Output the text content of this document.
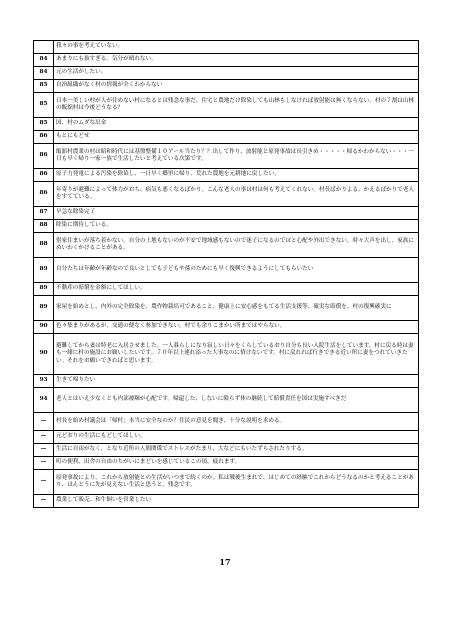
	我々の事を考えていない。
84	あまりにも抜すぎる。気分が晴れない。
84	元の生活がしたい。
85	自治組織がなく村の情報が全くわからない
85	日本一美しい村が人が住めない村になるとは残念な事だ。住宅と農地だけ除染しても山林もしなければ放射能は無くならない。村の７割は山林の飯舘村は今後どうなる？
85	国、村のムダな出金
86	もとにもどせ
86	飯舘村農業の村は昭和時代には基盤整備１０アール当たり？？出して作り、放射能と原発事故は長引きめ・・・・・帰るかわからない・・・一日も早く帰り一家一族で生活したいと考えている次第です。
86	原子力発電による汚染を除染し、一日早く郷里に帰り、荒れた農地を元耕地に戻したい。
86	年寄りが避難によって体力がおち、病気も悪くなるばかり。こんな老人の事は村は何も考えてくれない。村長ばかりよる、かえるばかりで老人をすてている。
87	早急な除染完了
88	除染に期待している。
88	借家住まいが落ち着かない。自分の土地もないのが不安で地域感もないので迷子になるのではと心配や外出できない。時々大声を出し、家族にめいわくかけることがある。
89	自分たちは年齢が年齢なので良いとしても子どもや孫のためにも早く復興できるようにしてもらいたい
89	不動産の賠償を金額にしてほしい。
89	家屋を始めとし、内外の完全除染を、農作物栽培可であること、健康上に安心感をもてる生活支援等、確実な賠償を、村の復興確実に
90	色々集まりがあるが、交通の便なく参加できない。村でも余りこまかい所まではやらない。
90	避難してから妻は特老に入居させました。一人暮らしになり寂しい日々をくらしているおり自分も長い入院生活をしています。村に戻る時は妻も一緒に村の施設にお願いしたいです。７０年以上連れ添った大事なのに情けないです。村に戻れれば行きできる近い所に妻をつれていきたい。それをお願いできればと思います。
93	生きて帰りたい
94	老人とはいえ少なくとも内部被曝が心配です。帰還した、しないに限らず体の継続して賠償責任を国は実施すべきだ
—	村長を始め村議会は「帰村」本当に安全なのか？住民の意見を聞き、十分な説明を求める。
—	元どおりの生活にもどしてほしい。
—	生活に自由がなく、となり近所の人間関係でストレスがたまり、大などにもいたずらされたりする。
—	町の便利、田舎の自由のちがいにまどいを感じているこの頃、疲れます。
—	原発事故により、これから放射能との生活がいつまで続くのか。私は戦後生まれで、はじめての経験でこれからどうなるのかと考えることがあり、ほんとうに先が見えない生活と思うと、残念です。
—	農業して販売、和牛飼いを営業したい
17
